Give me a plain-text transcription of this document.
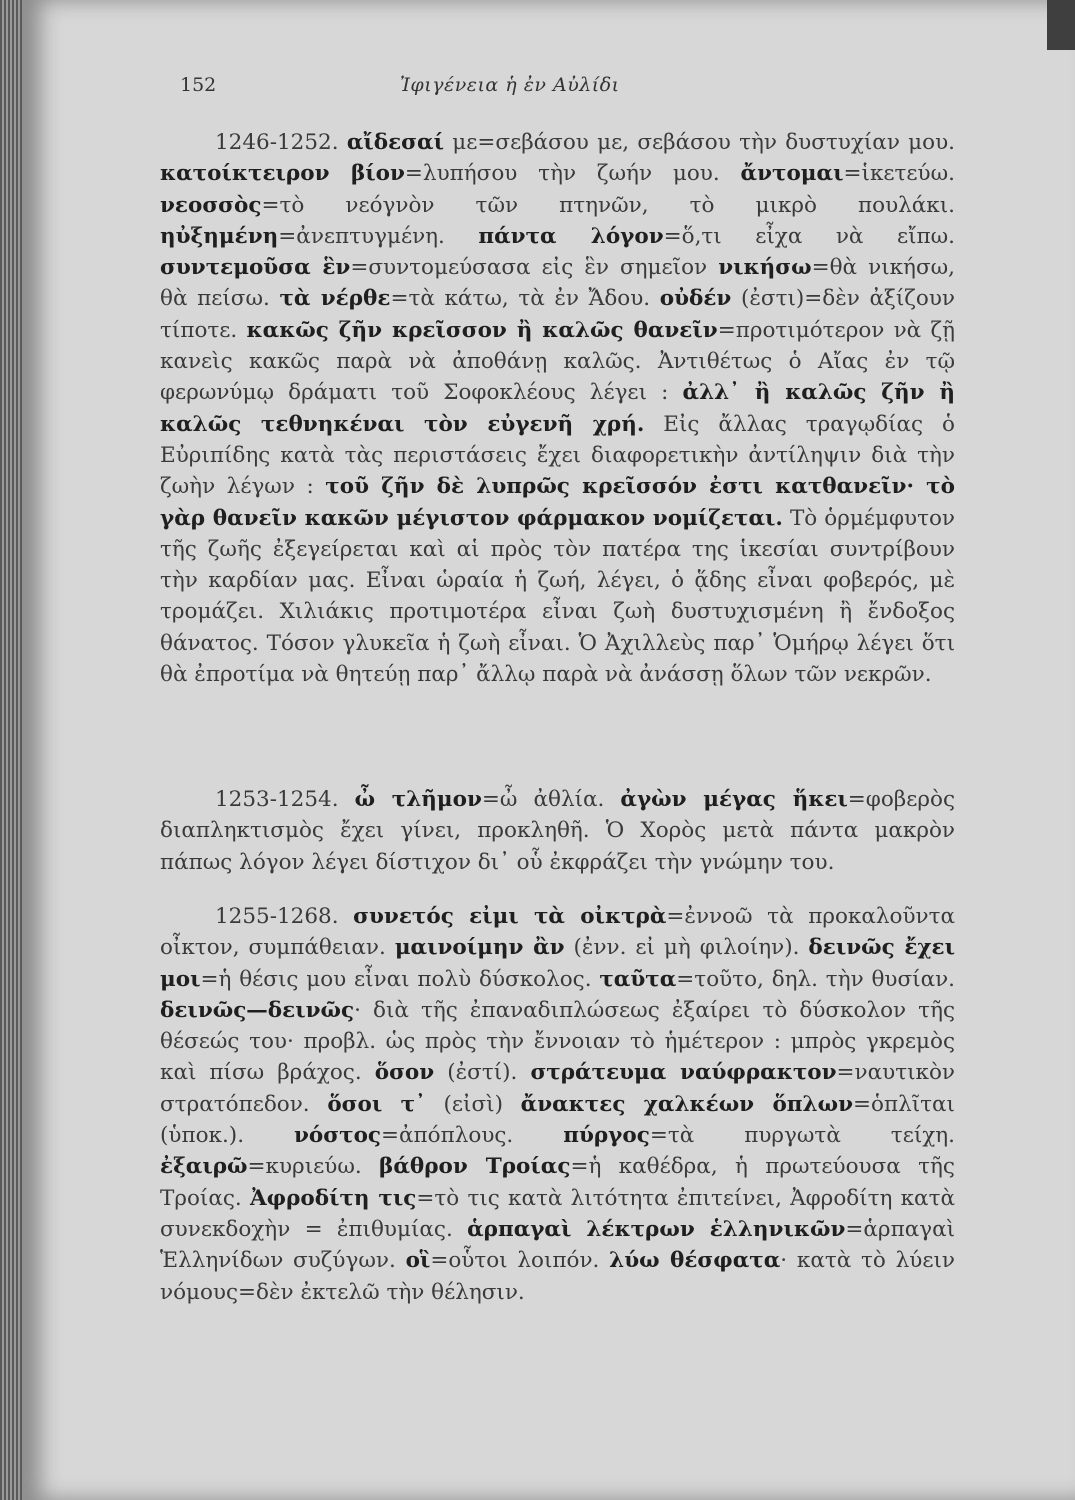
152	Ἰφιγένεια ἡ ἐν Αὐλίδι
1246-1252. αἴδεσαί με=σεβάσου με, σεβάσου τὴν δυστυχίαν μου. κατοίκτειρον βίον=λυπήσου τὴν ζωήν μου. ἄντομαι=ἱκετεύω. νεοσσὸς=τὸ νεόγνὸν τῶν πτηνῶν, τὸ μικρὸ πουλάκι. ηὐξημένη=ἀνεπτυγμένη. πάντα λόγον=ὅ,τι εἶχα νὰ εἴπω. συντεμοῦσα ἓν=συντομεύσασα εἰς ἓν σημεῖον νικήσω=θὰ νικήσω, θὰ πείσω. τὰ νέρθε=τὰ κάτω, τὰ ἐν Ἄδου. οὐδέν (ἐστι)=δὲν ἀξίζουν τίποτε. κακῶς ζῆν κρεῖσσον ἢ καλῶς θανεῖν=προτιμότερον νὰ ζῇ κανεὶς κακῶς παρὰ νὰ ἀποθάνῃ καλῶς. Ἀντιθέτως ὁ Αἴας ἐν τῷ φερωνύμῳ δράματι τοῦ Σοφοκλέους λέγει : ἀλλ᾽ ἢ καλῶς ζῆν ἢ καλῶς τεθνηκέναι τὸν εὐγενῆ χρή. Εἰς ἄλλας τραγῳδίας ὁ Εὐριπίδης κατὰ τὰς περιστάσεις ἔχει διαφορετικὴν ἀντίληψιν διὰ τὴν ζωὴν λέγων : τοῦ ζῆν δὲ λυπρῶς κρεῖσσόν ἐστι κατθανεῖν· τὸ γὰρ θανεῖν κακῶν μέγιστον φάρμακον νομίζεται. Τὸ ὁρμέμφυτον τῆς ζωῆς ἐξεγείρεται καὶ αἱ πρὸς τὸν πατέρα της ἱκεσίαι συντρίβουν τὴν καρδίαν μας. Εἶναι ὡραία ἡ ζωή, λέγει, ὁ ᾅδης εἶναι φοβερός, μὲ τρομάζει. Χιλιάκις προτιμοτέρα εἶναι ζωὴ δυστυχισμένη ἢ ἔνδοξος θάνατος. Τόσον γλυκεῖα ἡ ζωὴ εἶναι. Ὁ Ἀχιλλεὺς παρ᾽ Ὁμήρῳ λέγει ὅτι θὰ ἐπροτίμα νὰ θητεύῃ παρ᾽ ἄλλῳ παρὰ νὰ ἀνάσσῃ ὅλων τῶν νεκρῶν.
1253-1254. ὦ τλῆμον=ὦ ἀθλία. ἀγὼν μέγας ἥκει=φοβερὸς διαπληκτισμὸς ἔχει γίνει, προκληθῆ. Ὁ Χορὸς μετὰ πάντα μακρὸν πάπως λόγον λέγει δίστιχον δι᾽ οὗ ἐκφράζει τὴν γνώμην του.
1255-1268. συνετός εἰμι τὰ οἰκτρὰ=ἐννοῶ τὰ προκαλοῦντα οἶκτον, συμπάθειαν. μαινοίμην ἂν (ἐνν. εἰ μὴ φιλοίην). δεινῶς ἔχει μοι=ἡ θέσις μου εἶναι πολὺ δύσκολος. ταῦτα=τοῦτο, δηλ. τὴν θυσίαν. δεινῶς—δεινῶς· διὰ τῆς ἐπαναδιπλώσεως ἐξαίρει τὸ δύσκολον τῆς θέσεώς του· προβλ. ὡς πρὸς τὴν ἔννοιαν τὸ ἡμέτερον : μπρὸς γκρεμὸς καὶ πίσω βράχος. ὅσον (ἐστί). στράτευμα ναύφρακτον=ναυτικὸν στρατόπεδον. ὅσοι τ᾽ (εἰσὶ) ἄνακτες χαλκέων ὅπλων=ὁπλῖται (ὑποκ.). νόστος=ἀπόπλους. πύργος=τὰ πυργωτὰ τείχη. ἐξαιρῶ=κυριεύω. βάθρον Τροίας=ἡ καθέδρα, ἡ πρωτεύουσα τῆς Τροίας. Ἀφροδίτη τις=τὸ τις κατὰ λιτότητα ἐπιτείνει, Ἀφροδίτη κατὰ συνεκδοχὴν = ἐπιθυμίας. ἁρπαγαὶ λέκτρων ἑλληνικῶν=ἁρπαγαὶ Ἑλληνίδων συζύγων. οἳ=οὗτοι λοιπόν. λύω θέσφατα· κατὰ τὸ λύειν νόμους=δὲν ἐκτελῶ τὴν θέλησιν.
